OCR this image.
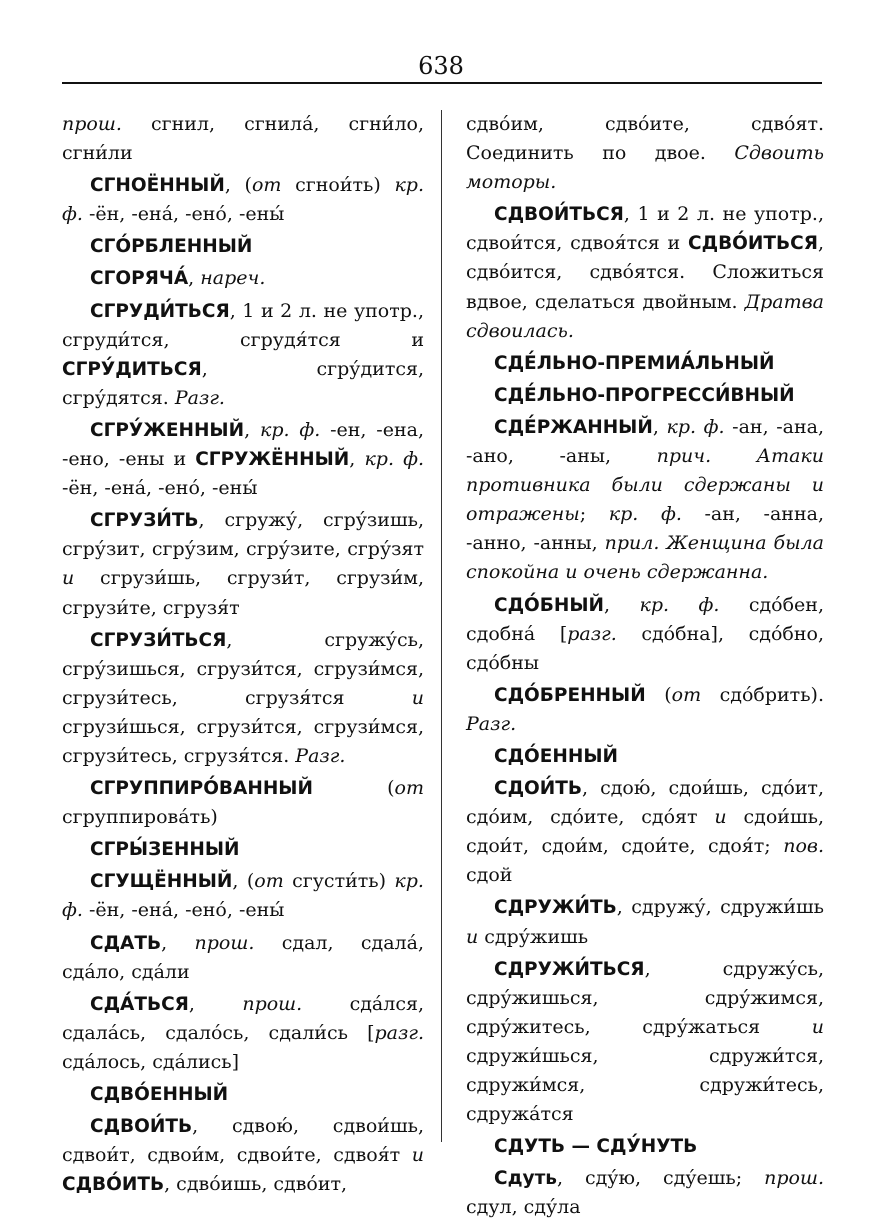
638

прош. сгнил, сгнила́, сгни́ло, сгни́ли

СГНОЁННЫЙ, (от сгнои́ть) кр. ф. -ён, -ена́, -ено́, -ены́

СГО́РБЛЕННЫЙ

СГОРЯЧА́, нареч.

СГРУДИ́ТЬСЯ, 1 и 2 л. не употр., сгруди́тся, сгрудя́тся и СГРУ́ДИТЬСЯ, сгру́дится, сгру́дятся. Разг.

СГРУ́ЖЕННЫЙ, кр. ф. -ен, -ена, -ено, -ены и СГРУЖЁННЫЙ, кр. ф. -ён, -ена́, -ено́, -ены́

СГРУЗИ́ТЬ, сгружу́, сгру́зишь, сгру́зит, сгру́зим, сгру́зите, сгру́зят и сгрузи́шь, сгрузи́т, сгрузи́м, сгрузи́те, сгрузя́т

СГРУЗИ́ТЬСЯ, сгружу́сь, сгру́зишься, сгрузи́тся, сгрузи́мся, сгрузи́тесь, сгрузя́тся и сгрузи́шься, сгрузи́тся, сгрузи́мся, сгрузи́тесь, сгрузя́тся. Разг.

СГРУППИРО́ВАННЫЙ (от сгруппирова́ть)

СГРЫ́ЗЕННЫЙ

СГУЩЁННЫЙ, (от сгусти́ть) кр. ф. -ён, -ена́, -ено́, -ены́

СДАТЬ, прош. сдал, сдала́, сда́ло, сда́ли

СДА́ТЬСЯ, прош. сда́лся, сдала́сь, сдало́сь, сдали́сь [разг. сда́лось, сда́лись]

СДВО́ЕННЫЙ

СДВОИ́ТЬ, сдвою́, сдвои́шь, сдвои́т, сдвои́м, сдвои́те, сдвоя́т и СДВО́ИТЬ, сдво́ишь, сдво́ит,

сдво́им, сдво́ите, сдво́ят. Соединить по двое. Сдвоить моторы.

СДВОИ́ТЬСЯ, 1 и 2 л. не употр., сдвои́тся, сдвоя́тся и СДВО́ИТЬСЯ, сдво́ится, сдво́ятся. Сложиться вдвое, сделаться двойным. Дратва сдвоилась.

СДЕ́ЛЬНО-ПРЕМИА́ЛЬНЫЙ

СДЕ́ЛЬНО-ПРОГРЕССИ́ВНЫЙ

СДЕ́РЖАННЫЙ, кр. ф. -ан, -ана, -ано, -аны, прич. Атаки противника были сдержаны и отражены; кр. ф. -ан, -анна, -анно, -анны, прил. Женщина была спокойна и очень сдержанна.

СДО́БНЫЙ, кр. ф. сдо́бен, сдобна́ [разг. сдо́бна], сдо́бно, сдо́бны

СДО́БРЕННЫЙ (от сдо́брить). Разг.

СДО́ЕННЫЙ

СДОИ́ТЬ, сдою́, сдои́шь, сдо́ит, сдо́им, сдо́ите, сдо́ят и сдои́шь, сдои́т, сдои́м, сдои́те, сдоя́т; пов. сдой

СДРУЖИ́ТЬ, сдружу́, сдружи́шь и сдру́жишь

СДРУЖИ́ТЬСЯ, сдружу́сь, сдру́жишься, сдру́жимся, сдру́житесь, сдру́жаться и сдружи́шься, сдружи́тся, сдружи́мся, сдружи́тесь, сдружа́тся

СДУТЬ — СДУ́НУТЬ

Сдуть, сду́ю, сду́ешь; прош. сдул, сду́ла
